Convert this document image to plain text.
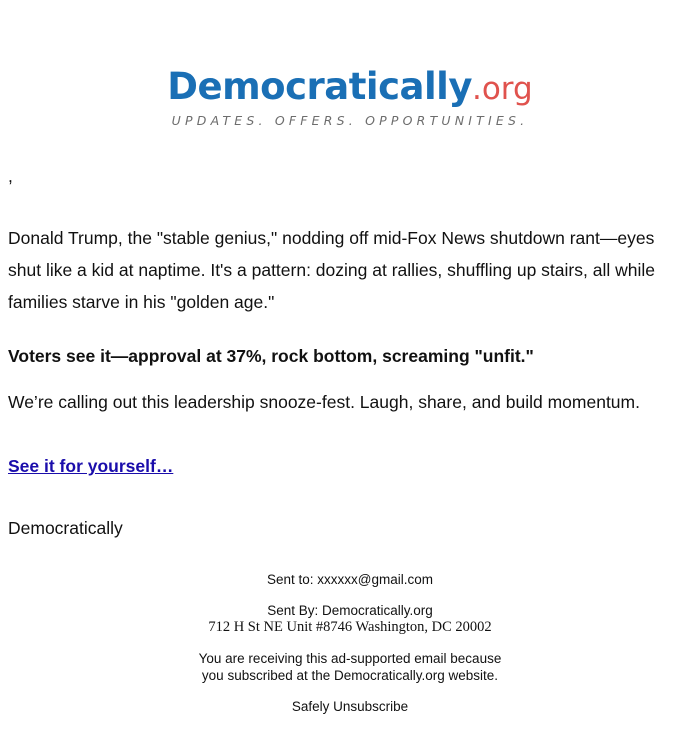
Democratically.org
UPDATES. OFFERS. OPPORTUNITIES.

,

Donald Trump, the "stable genius," nodding off mid-Fox News shutdown rant—eyes shut like a kid at naptime. It's a pattern: dozing at rallies, shuffling up stairs, all while families starve in his "golden age."

Voters see it—approval at 37%, rock bottom, screaming "unfit."

We’re calling out this leadership snooze-fest. Laugh, share, and build momentum.

See it for yourself…

Democratically

Sent to: xxxxxx@gmail.com

Sent By: Democratically.org

712 H St NE Unit #8746 Washington, DC 20002

You are receiving this ad-supported email because

you subscribed at the Democratically.org website.

Safely Unsubscribe
